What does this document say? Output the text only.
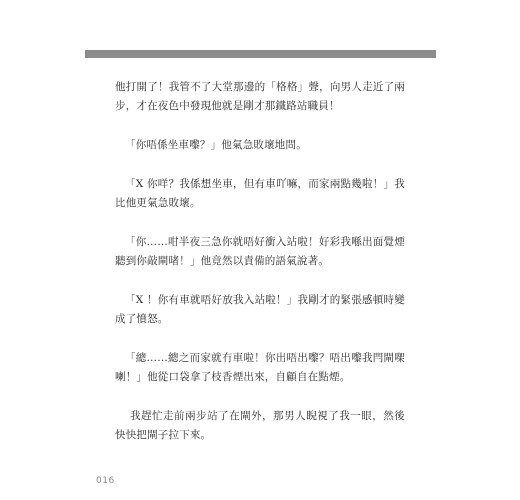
他打開了！我管不了大堂那邊的「格格」聲，向男人走近了兩步，才在夜色中發現他就是剛才那鐵路站職員！

「你唔係坐車嚟？」他氣急敗壞地問。

「X 你咩？我係想坐車，但有車吖嘛，而家兩點幾啦！」我比他更氣急敗壞。

「你……咁半夜三急你就唔好衝入站啦！好彩我喺出面覺煙聽到你敲閘啫！」他竟然以責備的語氣說著。

「X ！你有車就唔好放我入站啦！」我剛才的緊張感頓時變成了憤怒。

「總……總之而家就冇車啦！你出唔出嚟？唔出嚟我閂閘㗎喇！」他從口袋拿了枝香煙出來，自顧自在點煙。

我趕忙走前兩步站了在閘外，那男人睨視了我一眼，然後快快把閘子拉下來。

016
